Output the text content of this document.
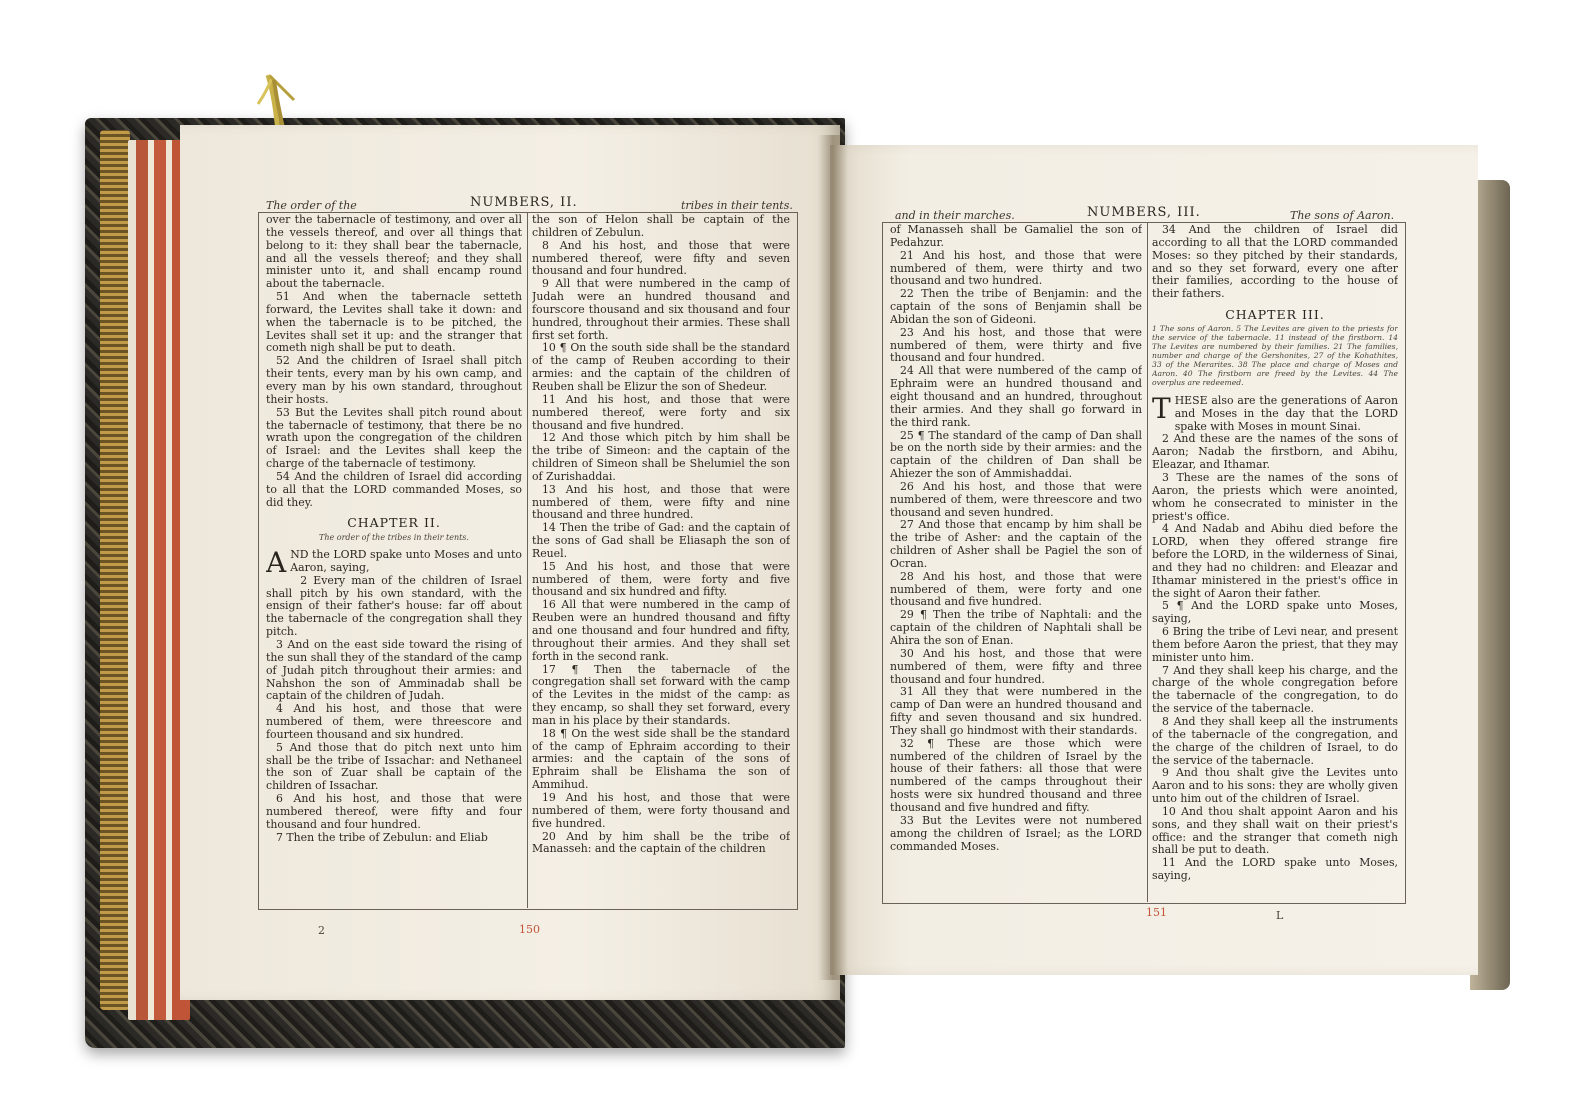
The order of the	NUMBERS, II.	tribes in their tents.

over the tabernacle of testimony, and over all the vessels thereof, and over all things that belong to it: they shall bear the tabernacle, and all the vessels thereof; and they shall minister unto it, and shall encamp round about the tabernacle.

51 And when the tabernacle setteth forward, the Levites shall take it down: and when the tabernacle is to be pitched, the Levites shall set it up: and the stranger that cometh nigh shall be put to death.

52 And the children of Israel shall pitch their tents, every man by his own camp, and every man by his own standard, throughout their hosts.

53 But the Levites shall pitch round about the tabernacle of testimony, that there be no wrath upon the congregation of the children of Israel: and the Levites shall keep the charge of the tabernacle of testimony.

54 And the children of Israel did according to all that the LORD commanded Moses, so did they.

CHAPTER II.
The order of the tribes in their tents.
A ND the LORD spake unto Moses and unto Aaron, saying,

2 Every man of the children of Israel shall pitch by his own standard, with the ensign of their father's house: far off about the tabernacle of the congregation shall they pitch.

3 And on the east side toward the rising of the sun shall they of the standard of the camp of Judah pitch throughout their armies: and Nahshon the son of Amminadab shall be captain of the children of Judah.

4 And his host, and those that were numbered of them, were threescore and fourteen thousand and six hundred.

5 And those that do pitch next unto him shall be the tribe of Issachar: and Nethaneel the son of Zuar shall be captain of the children of Issachar.

6 And his host, and those that were numbered thereof, were fifty and four thousand and four hundred.

7 Then the tribe of Zebulun: and Eliab

the son of Helon shall be captain of the children of Zebulun.

8 And his host, and those that were numbered thereof, were fifty and seven thousand and four hundred.

9 All that were numbered in the camp of Judah were an hundred thousand and fourscore thousand and six thousand and four hundred, throughout their armies. These shall first set forth.

10 ¶ On the south side shall be the standard of the camp of Reuben according to their armies: and the captain of the children of Reuben shall be Elizur the son of Shedeur.

11 And his host, and those that were numbered thereof, were forty and six thousand and five hundred.

12 And those which pitch by him shall be the tribe of Simeon: and the captain of the children of Simeon shall be Shelumiel the son of Zurishaddai.

13 And his host, and those that were numbered of them, were fifty and nine thousand and three hundred.

14 Then the tribe of Gad: and the captain of the sons of Gad shall be Eliasaph the son of Reuel.

15 And his host, and those that were numbered of them, were forty and five thousand and six hundred and fifty.

16 All that were numbered in the camp of Reuben were an hundred thousand and fifty and one thousand and four hundred and fifty, throughout their armies. And they shall set forth in the second rank.

17 ¶ Then the tabernacle of the congregation shall set forward with the camp of the Levites in the midst of the camp: as they encamp, so shall they set forward, every man in his place by their standards.

18 ¶ On the west side shall be the standard of the camp of Ephraim according to their armies: and the captain of the sons of Ephraim shall be Elishama the son of Ammihud.

19 And his host, and those that were numbered of them, were forty thousand and five hundred.

20 And by him shall be the tribe of Manasseh: and the captain of the children

2	150
and in their marches.	NUMBERS, III.	The sons of Aaron.

of Manasseh shall be Gamaliel the son of Pedahzur.

21 And his host, and those that were numbered of them, were thirty and two thousand and two hundred.

22 Then the tribe of Benjamin: and the captain of the sons of Benjamin shall be Abidan the son of Gideoni.

23 And his host, and those that were numbered of them, were thirty and five thousand and four hundred.

24 All that were numbered of the camp of Ephraim were an hundred thousand and eight thousand and an hundred, throughout their armies. And they shall go forward in the third rank.

25 ¶ The standard of the camp of Dan shall be on the north side by their armies: and the captain of the children of Dan shall be Ahiezer the son of Ammishaddai.

26 And his host, and those that were numbered of them, were threescore and two thousand and seven hundred.

27 And those that encamp by him shall be the tribe of Asher: and the captain of the children of Asher shall be Pagiel the son of Ocran.

28 And his host, and those that were numbered of them, were forty and one thousand and five hundred.

29 ¶ Then the tribe of Naphtali: and the captain of the children of Naphtali shall be Ahira the son of Enan.

30 And his host, and those that were numbered of them, were fifty and three thousand and four hundred.

31 All they that were numbered in the camp of Dan were an hundred thousand and fifty and seven thousand and six hundred. They shall go hindmost with their standards.

32 ¶ These are those which were numbered of the children of Israel by the house of their fathers: all those that were numbered of the camps throughout their hosts were six hundred thousand and three thousand and five hundred and fifty.

33 But the Levites were not numbered among the children of Israel; as the LORD commanded Moses.

34 And the children of Israel did according to all that the LORD commanded Moses: so they pitched by their standards, and so they set forward, every one after their families, according to the house of their fathers.

CHAPTER III.
1 The sons of Aaron. 5 The Levites are given to the priests for the service of the tabernacle. 11 instead of the firstborn. 14 The Levites are numbered by their families. 21 The families, number and charge of the Gershonites, 27 of the Kohathites, 33 of the Merarites. 38 The place and charge of Moses and Aaron. 40 The firstborn are freed by the Levites. 44 The overplus are redeemed.
T HESE also are the generations of Aaron and Moses in the day that the LORD spake with Moses in mount Sinai.

2 And these are the names of the sons of Aaron; Nadab the firstborn, and Abihu, Eleazar, and Ithamar.

3 These are the names of the sons of Aaron, the priests which were anointed, whom he consecrated to minister in the priest's office.

4 And Nadab and Abihu died before the LORD, when they offered strange fire before the LORD, in the wilderness of Sinai, and they had no children: and Eleazar and Ithamar ministered in the priest's office in the sight of Aaron their father.

5 ¶ And the LORD spake unto Moses, saying,

6 Bring the tribe of Levi near, and present them before Aaron the priest, that they may minister unto him.

7 And they shall keep his charge, and the charge of the whole congregation before the tabernacle of the congregation, to do the service of the tabernacle.

8 And they shall keep all the instruments of the tabernacle of the congregation, and the charge of the children of Israel, to do the service of the tabernacle.

9 And thou shalt give the Levites unto Aaron and to his sons: they are wholly given unto him out of the children of Israel.

10 And thou shalt appoint Aaron and his sons, and they shall wait on their priest's office: and the stranger that cometh nigh shall be put to death.

11 And the LORD spake unto Moses, saying,

151	L
